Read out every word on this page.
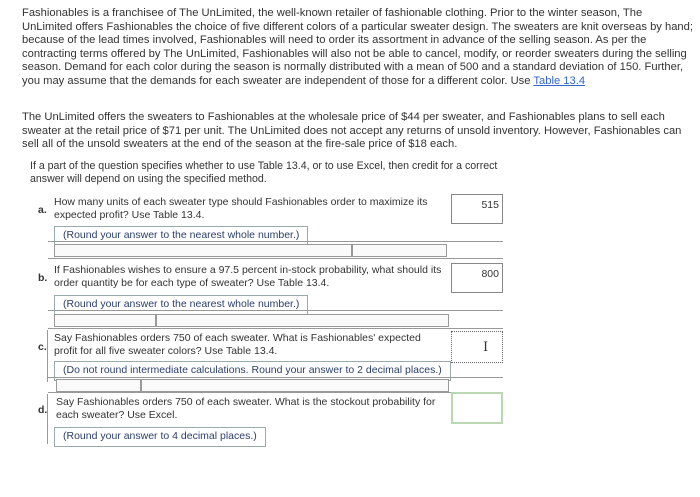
Fashionables is a franchisee of The UnLimited, the well-known retailer of fashionable clothing. Prior to the winter season, The UnLimited offers Fashionables the choice of five different colors of a particular sweater design. The sweaters are knit overseas by hand; because of the lead times involved, Fashionables will need to order its assortment in advance of the selling season. As per the contracting terms offered by The UnLimited, Fashionables will also not be able to cancel, modify, or reorder sweaters during the selling season. Demand for each color during the season is normally distributed with a mean of 500 and a standard deviation of 150. Further, you may assume that the demands for each sweater are independent of those for a different color. Use Table 13.4

The UnLimited offers the sweaters to Fashionables at the wholesale price of $44 per sweater, and Fashionables plans to sell each sweater at the retail price of $71 per unit. The UnLimited does not accept any returns of unsold inventory. However, Fashionables can sell all of the unsold sweaters at the end of the season at the fire-sale price of $18 each.

If a part of the question specifies whether to use Table 13.4, or to use Excel, then credit for a correct answer will depend on using the specified method.
a.
How many units of each sweater type should Fashionables order to maximize its expected profit? Use Table 13.4.
(Round your answer to the nearest whole number.)
515
b.
If Fashionables wishes to ensure a 97.5 percent in-stock probability, what should its order quantity be for each type of sweater? Use Table 13.4.
(Round your answer to the nearest whole number.)
800
c.
Say Fashionables orders 750 of each sweater. What is Fashionables' expected profit for all five sweater colors? Use Table 13.4.
(Do not round intermediate calculations. Round your answer to 2 decimal places.)
I
d.
Say Fashionables orders 750 of each sweater. What is the stockout probability for each sweater? Use Excel.
(Round your answer to 4 decimal places.)
